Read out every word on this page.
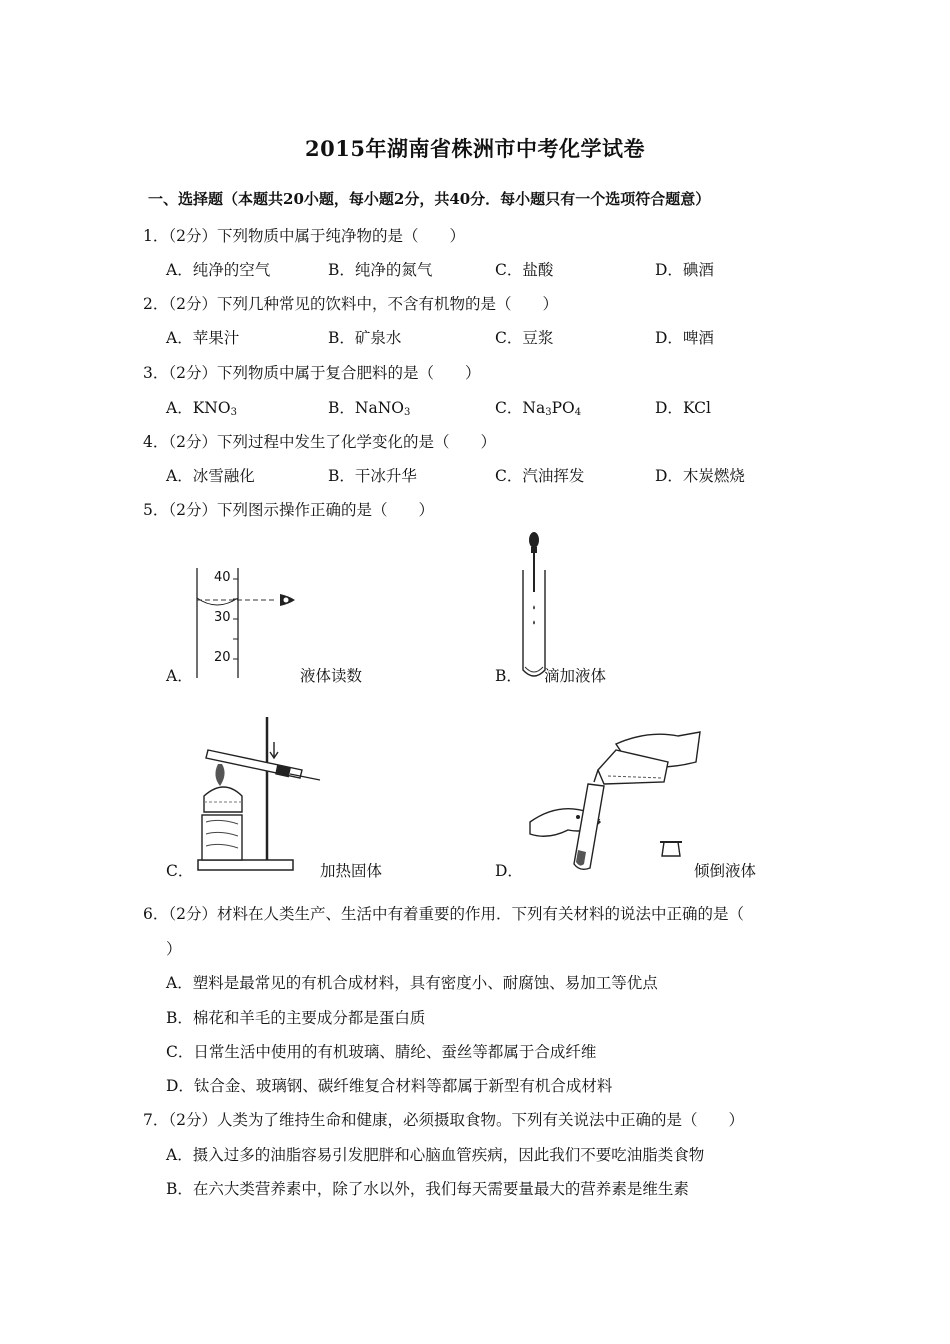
2015年湖南省株洲市中考化学试卷
一、选择题（本题共20小题，每小题2分，共40分．每小题只有一个选项符合题意）
1．（2分）下列物质中属于纯净物的是（　　）
A．纯净的空气	B．纯净的氮气	C．盐酸	D．碘酒
2．（2分）下列几种常见的饮料中，不含有机物的是（　　）
A．苹果汁	B．矿泉水	C．豆浆	D．啤酒
3．（2分）下列物质中属于复合肥料的是（　　）
A．$KNO_3$	B．NaNO$_3$	C．$Na_3PO_4$	D．KCl
4．（2分）下列过程中发生了化学变化的是（　　）
A．冰雪融化	B．干冰升华	C．汽油挥发	D．木炭燃烧
5．（2分）下列图示操作正确的是（　　）
40
30
20
A．	液体读数	B． 滴加液体
C．	加热固体	D．	倾倒液体
6．（2分）材料在人类生产、生活中有着重要的作用．下列有关材料的说法中正确的是（
）
A．塑料是最常见的有机合成材料，具有密度小、耐腐蚀、易加工等优点
B．棉花和羊毛的主要成分都是蛋白质
C．日常生活中使用的有机玻璃、腈纶、蚕丝等都属于合成纤维
D．钛合金、玻璃钢、碳纤维复合材料等都属于新型有机合成材料
7．（2分）人类为了维持生命和健康，必须摄取食物。下列有关说法中正确的是（　　）
A．摄入过多的油脂容易引发肥胖和心脑血管疾病，因此我们不要吃油脂类食物
B．在六大类营养素中，除了水以外，我们每天需要量最大的营养素是维生素
